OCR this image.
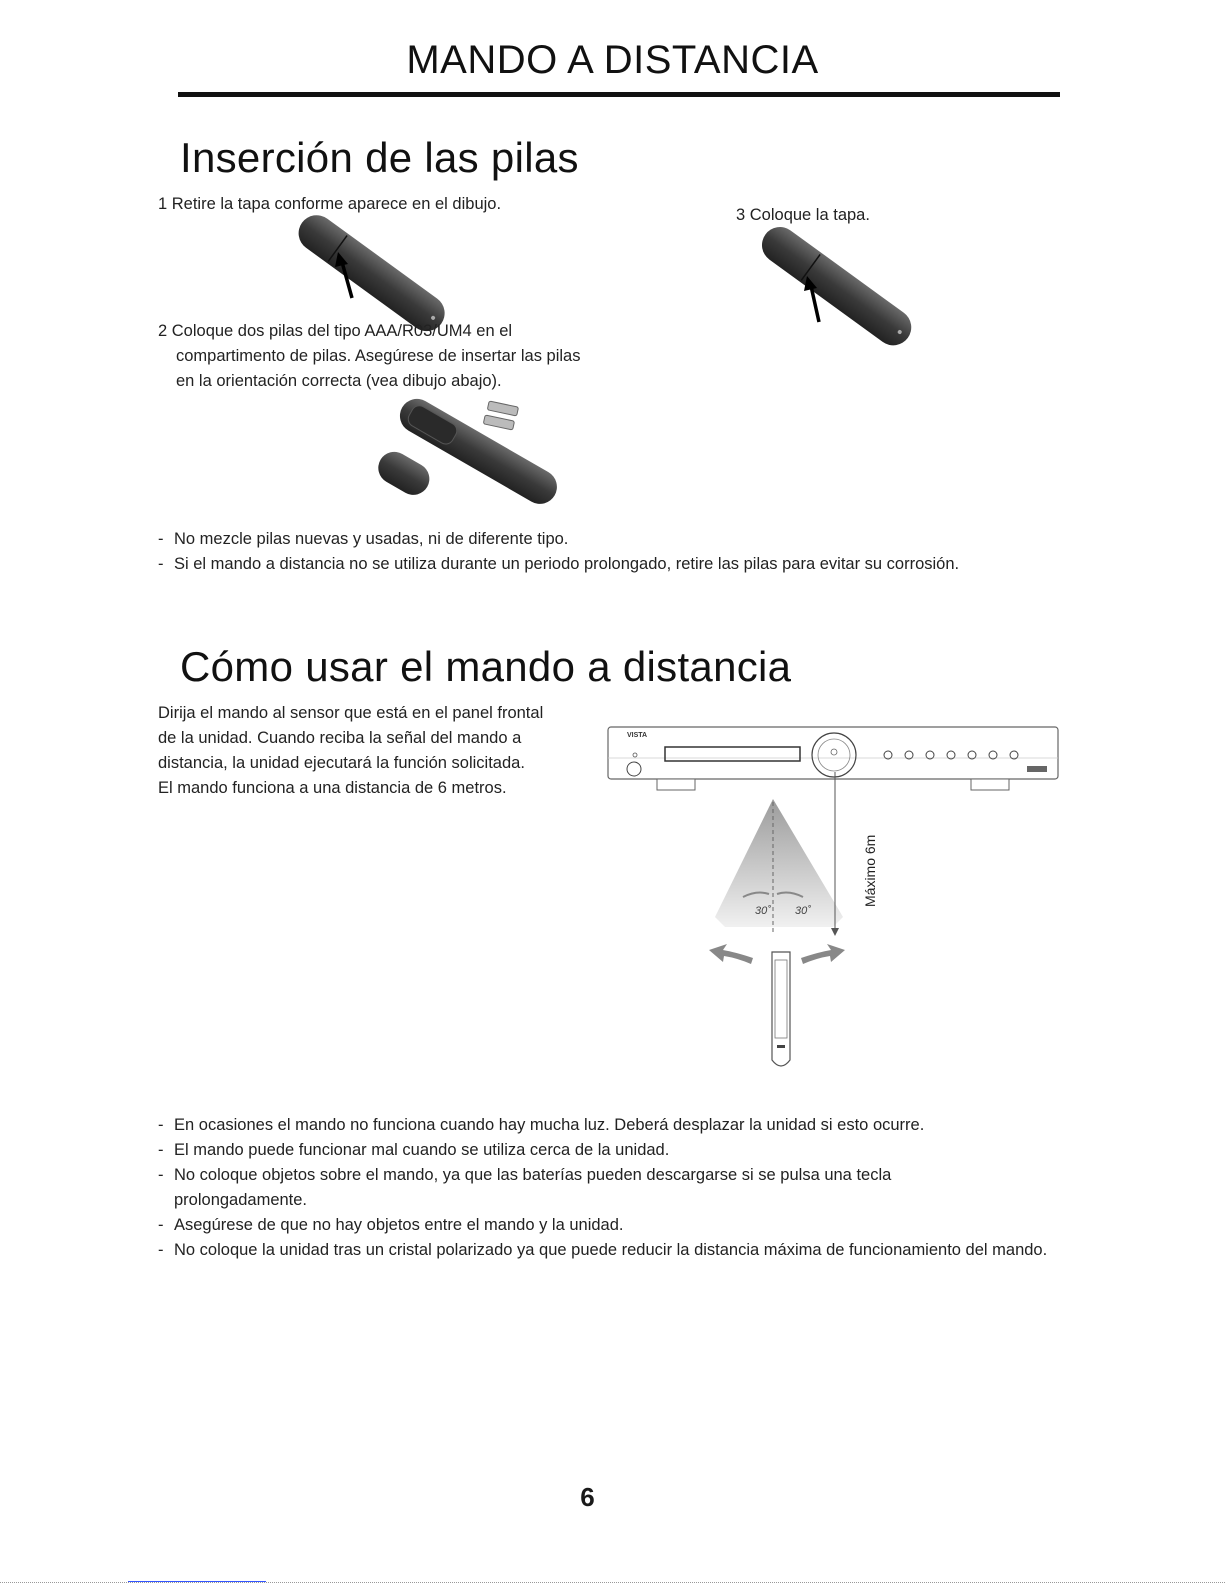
MANDO A DISTANCIA
Inserción de las pilas
1 Retire la tapa conforme aparece en el dibujo.
3 Coloque la tapa.
2 Coloque dos pilas del tipo AAA/R03/UM4 en el
compartimento de pilas. Asegúrese de insertar las pilas
en la orientación correcta (vea dibujo abajo).
- No mezcle pilas nuevas y usadas, ni de diferente tipo.
- Si el mando a distancia no se utiliza durante un periodo prolongado, retire las pilas para evitar su corrosión.
Cómo usar el mando a distancia
Dirija el mando al sensor que está en el panel frontal
de la unidad. Cuando reciba la señal del mando a
distancia, la unidad ejecutará la función solicitada.
El mando funciona a una distancia de 6 metros.
VISTA
30˚ 30˚
Máximo 6m
- En ocasiones el mando no funciona cuando hay mucha luz. Deberá desplazar la unidad si esto ocurre.
- El mando puede funcionar mal cuando se utiliza cerca de la unidad.
- No coloque objetos sobre el mando, ya que las baterías pueden descargarse si se pulsa una tecla prolongadamente.
- Asegúrese de que no hay objetos entre el mando y la unidad.
- No coloque la unidad tras un cristal polarizado ya que puede reducir la distancia máxima de funcionamiento del mando.
6
